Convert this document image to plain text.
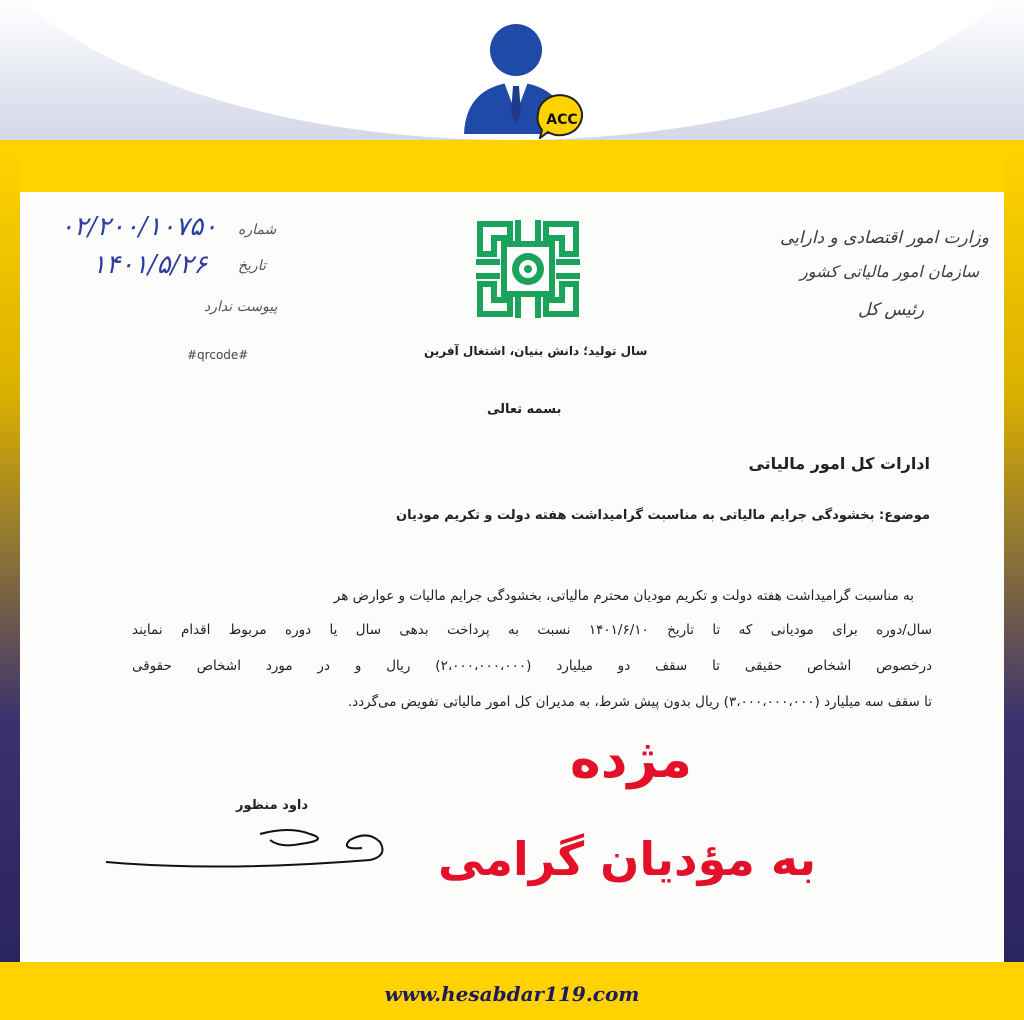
ACC
وزارت امور اقتصادی و دارایی
سازمان امور مالیاتی کشور
رئیس کل
شماره
تاریخ
پیوست ندارد
۰۲/۲۰۰/۱۰۷۵۰
۱۴۰۱/۵/۲۶
#qrcode#	سال تولید؛ دانش بنیان، اشتغال آفرین
بسمه تعالی
ادارات کل امور مالیاتی
موضوع: بخشودگی جرایم مالیاتی به مناسبت گرامیداشت هفته دولت و تکریم مودیان
به مناسبت گرامیداشت هفته دولت و تکریم مودیان محترم مالیاتی، بخشودگی جرایم مالیات و عوارض هر
سال/دوره برای مودیانی که تا تاریخ ۱۴۰۱/۶/۱۰ نسبت به پرداخت بدهی سال یا دوره مربوط اقدام نمایند
درخصوص اشخاص حقیقی تا سقف دو میلیارد (۲،۰۰۰،۰۰۰،۰۰۰) ریال و در مورد اشخاص حقوقی
تا سقف سه میلیارد (۳،۰۰۰،۰۰۰،۰۰۰) ریال بدون پیش شرط، به مدیران کل امور مالیاتی تفویض می‌گردد.
داود منظور
مژده
به مؤدیان گرامی
www.hesabdar119.com
